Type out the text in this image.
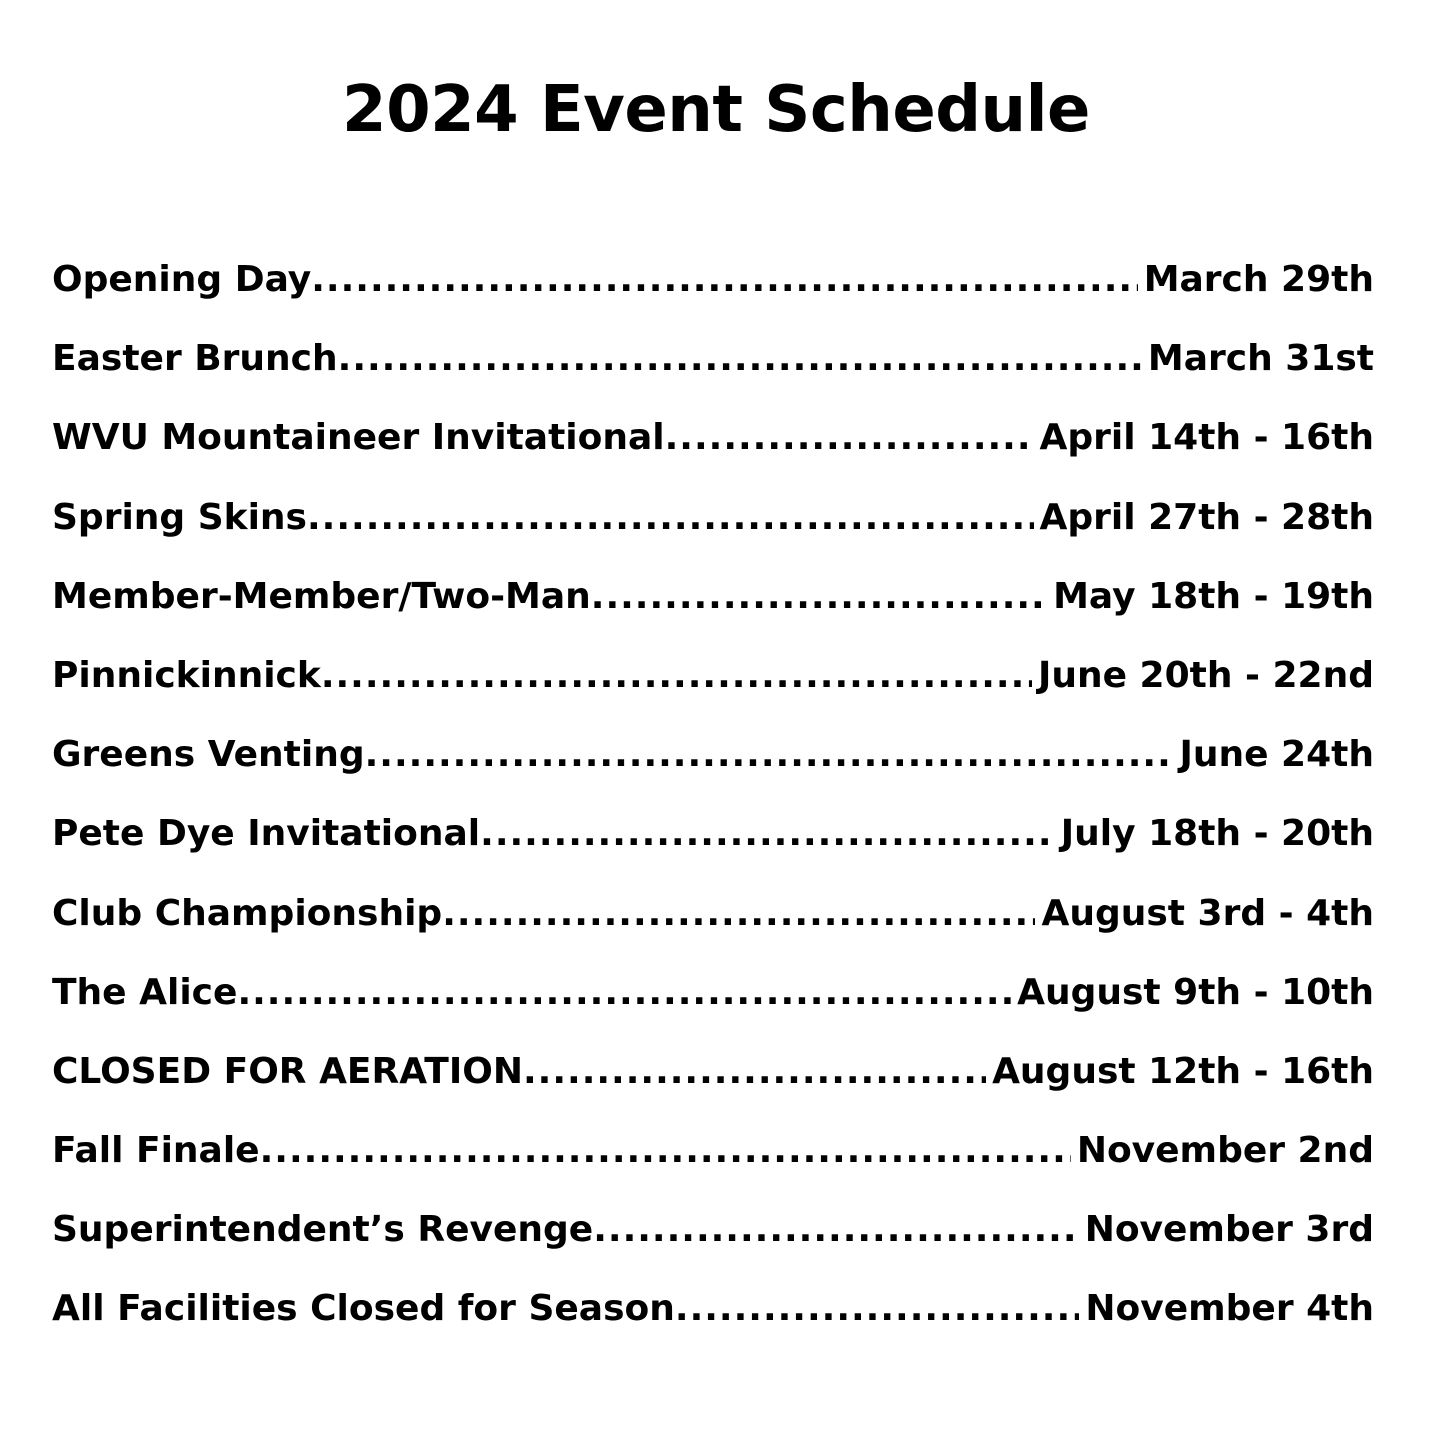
2024 Event Schedule
Opening Day .....	March 29th
Easter Brunch .....	March 31st
WVU Mountaineer Invitational .....	April 14th - 16th
Spring Skins .....	April 27th - 28th
Member-Member/Two-Man .....	May 18th - 19th
Pinnickinnick .....	June 20th - 22nd
Greens Venting .....	June 24th
Pete Dye Invitational .....	July 18th - 20th
Club Championship .....	August 3rd - 4th
The Alice .....	August 9th - 10th
CLOSED FOR AERATION .....	August 12th - 16th
Fall Finale .....	November 2nd
Superintendent’s Revenge .....	November 3rd
All Facilities Closed for Season .....	November 4th
